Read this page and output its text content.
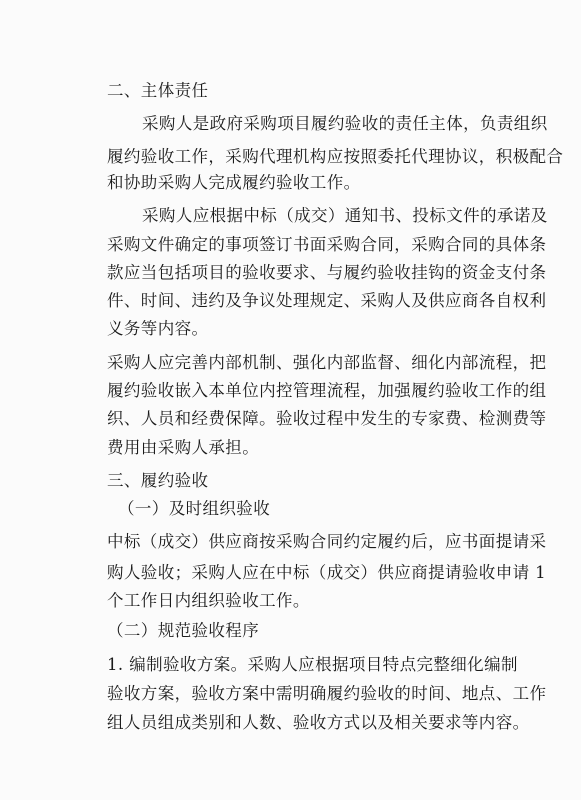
二、主体责任
采购人是政府采购项目履约验收的责任主体，负责组织
履约验收工作，采购代理机构应按照委托代理协议，积极配合
和协助采购人完成履约验收工作。
采购人应根据中标（成交）通知书、投标文件的承诺及
采购文件确定的事项签订书面采购合同，采购合同的具体条
款应当包括项目的验收要求、与履约验收挂钩的资金支付条
件、时间、违约及争议处理规定、采购人及供应商各自权利
义务等内容。
采购人应完善内部机制、强化内部监督、细化内部流程，把
履约验收嵌入本单位内控管理流程，加强履约验收工作的组
织、人员和经费保障。验收过程中发生的专家费、检测费等
费用由采购人承担。
三、履约验收
（一）及时组织验收
中标（成交）供应商按采购合同约定履约后，应书面提请采
购人验收；采购人应在中标（成交）供应商提请验收申请 1
个工作日内组织验收工作。
（二）规范验收程序
1. 编制验收方案。采购人应根据项目特点完整细化编制
验收方案，验收方案中需明确履约验收的时间、地点、工作
组人员组成类别和人数、验收方式以及相关要求等内容。
